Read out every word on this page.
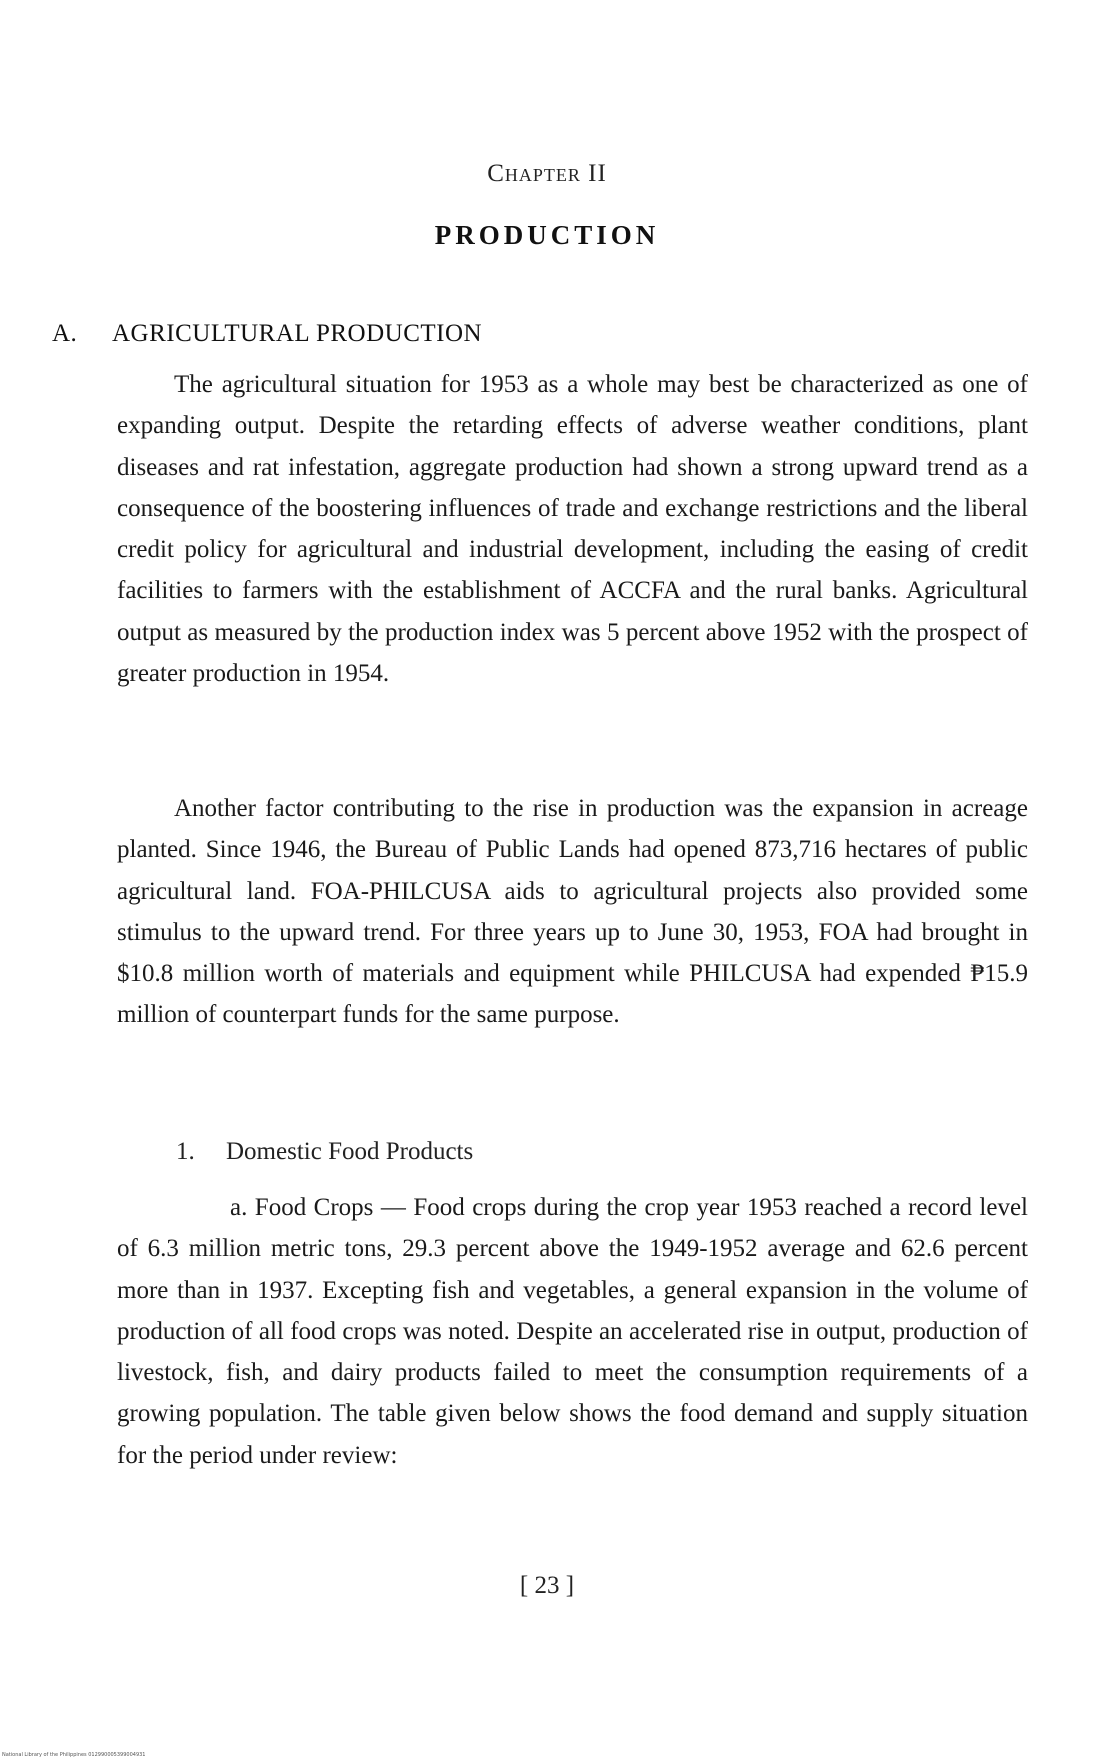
Chapter II
PRODUCTION
A. AGRICULTURAL PRODUCTION

The agricultural situation for 1953 as a whole may best be characterized as one of expanding output. Despite the retarding effects of adverse weather conditions, plant diseases and rat infestation, aggregate production had shown a strong upward trend as a consequence of the boostering influences of trade and exchange restrictions and the liberal credit policy for agricultural and industrial development, including the easing of credit facilities to farmers with the establishment of ACCFA and the rural banks. Agricultural output as measured by the production index was 5 percent above 1952 with the prospect of greater production in 1954.

Another factor contributing to the rise in production was the expansion in acreage planted. Since 1946, the Bureau of Public Lands had opened 873,716 hectares of public agricultural land. FOA-PHILCUSA aids to agricultural projects also provided some stimulus to the upward trend. For three years up to June 30, 1953, FOA had brought in $10.8 million worth of materials and equipment while PHILCUSA had expended ₱15.9 million of counterpart funds for the same purpose.

1. Domestic Food Products

a. Food Crops — Food crops during the crop year 1953 reached a record level of 6.3 million metric tons, 29.3 percent above the 1949-1952 average and 62.6 percent more than in 1937. Excepting fish and vegetables, a general expansion in the volume of production of all food crops was noted. Despite an accelerated rise in output, production of livestock, fish, and dairy products failed to meet the consumption requirements of a growing population. The table given below shows the food demand and supply situation for the period under review:

[ 23 ]
National Library of the Philippines 012990005399004931
